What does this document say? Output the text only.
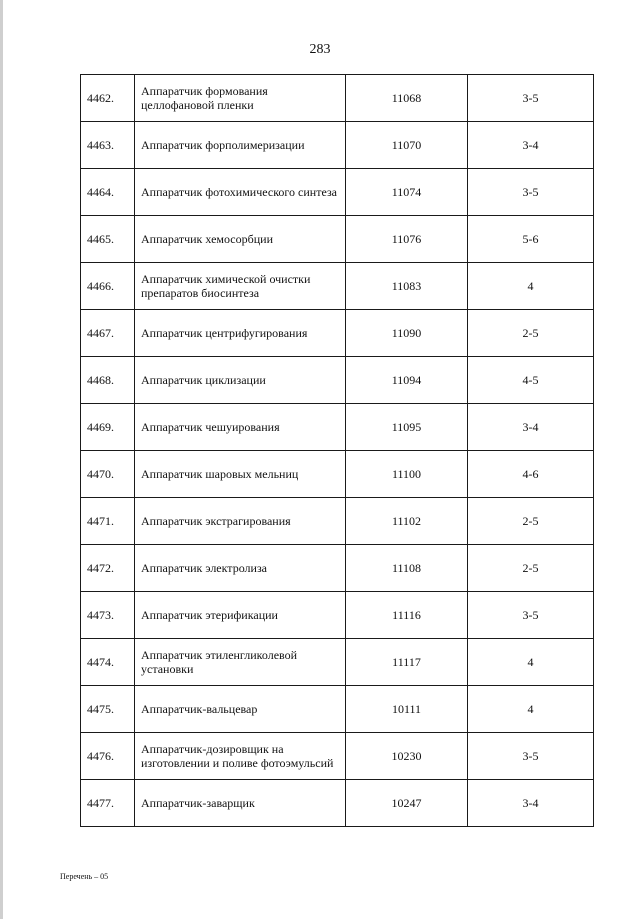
283
4462.	Аппаратчик формования целлофановой пленки	11068	3-5
4463.	Аппаратчик форполимеризации	11070	3-4
4464.	Аппаратчик фотохимического синтеза	11074	3-5
4465.	Аппаратчик хемосорбции	11076	5-6
4466.	Аппаратчик химической очистки препаратов биосинтеза	11083	4
4467.	Аппаратчик центрифугирования	11090	2-5
4468.	Аппаратчик циклизации	11094	4-5
4469.	Аппаратчик чешуирования	11095	3-4
4470.	Аппаратчик шаровых мельниц	11100	4-6
4471.	Аппаратчик экстрагирования	11102	2-5
4472.	Аппаратчик электролиза	11108	2-5
4473.	Аппаратчик этерификации	11116	3-5
4474.	Аппаратчик этиленгликолевой установки	11117	4
4475.	Аппаратчик-вальцевар	10111	4
4476.	Аппаратчик-дозировщик на изготовлении и поливе фотоэмульсий	10230	3-5
4477.	Аппаратчик-заварщик	10247	3-4
Перечень – 05
